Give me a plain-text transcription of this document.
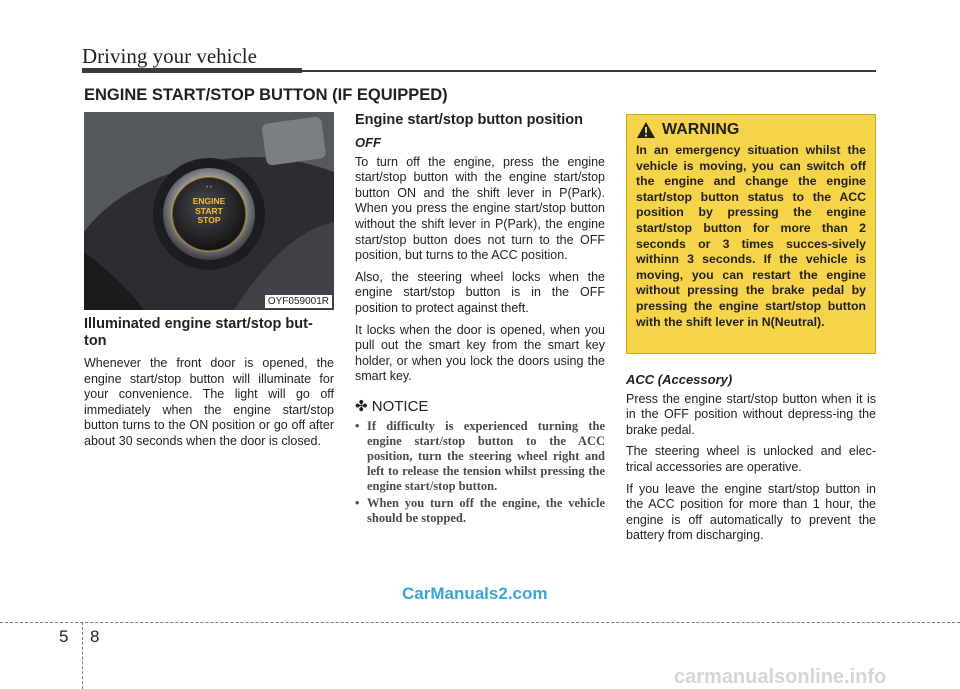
Driving your vehicle
ENGINE START/STOP BUTTON (IF EQUIPPED)
• •
ENGINE
START
STOP
OYF059001R
Illuminated engine start/stop but-ton

Whenever the front door is opened, the engine start/stop button will illuminate for your convenience. The light will go off immediately when the engine start/stop button turns to the ON position or go off after about 30 seconds when the door is closed.

Engine start/stop button position
OFF

To turn off the engine, press the engine start/stop button with the engine start/stop button ON and the shift lever in P(Park). When you press the engine start/stop button without the shift lever in P(Park), the engine start/stop button does not turn to the OFF position, but turns to the ACC position.

Also, the steering wheel locks when the engine start/stop button is in the OFF position to protect against theft.

It locks when the door is opened, when you pull out the smart key from the smart key holder, or when you lock the doors using the smart key.

✤ NOTICE
• If difficulty is experienced turning the engine start/stop button to the ACC position, turn the steering wheel right and left to release the tension whilst pressing the engine start/stop button.
• When you turn off the engine, the vehicle should be stopped.
WARNING
In an emergency situation whilst the vehicle is moving, you can switch off the engine and change the engine start/stop button status to the ACC position by pressing the engine start/stop button for more than 2 seconds or 3 times succes-sively withinn 3 seconds. If the vehicle is moving, you can restart the engine without pressing the brake pedal by pressing the engine start/stop button with the shift lever in N(Neutral).
ACC (Accessory)

Press the engine start/stop button when it is in the OFF position without depress-ing the brake pedal.

The steering wheel is unlocked and elec-trical accessories are operative.

If you leave the engine start/stop button in the ACC position for more than 1 hour, the engine is off automatically to prevent the battery from discharging.

CarManuals2.com
5 8
carmanualsonline.info
